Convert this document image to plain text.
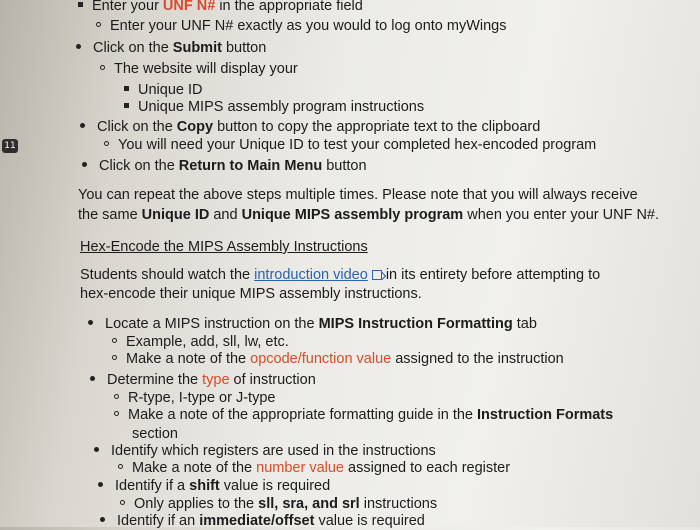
11
Enter your UNF N# in the appropriate field
Enter your UNF N# exactly as you would to log onto myWings
Click on the Submit button
The website will display your
Unique ID
Unique MIPS assembly program instructions
Click on the Copy button to copy the appropriate text to the clipboard
You will need your Unique ID to test your completed hex-encoded program
Click on the Return to Main Menu button
You can repeat the above steps multiple times. Please note that you will always receive
the same Unique ID and Unique MIPS assembly program when you enter your UNF N#.
Hex-Encode the MIPS Assembly Instructions
Students should watch the introduction video in its entirety before attempting to
hex-encode their unique MIPS assembly instructions.
Locate a MIPS instruction on the MIPS Instruction Formatting tab
Example, add, sll, lw, etc.
Make a note of the opcode/function value assigned to the instruction
Determine the type of instruction
R-type, I-type or J-type
Make a note of the appropriate formatting guide in the Instruction Formats
section
Identify which registers are used in the instructions
Make a note of the number value assigned to each register
Identify if a shift value is required
Only applies to the sll, sra, and srl instructions
Identify if an immediate/offset value is required
